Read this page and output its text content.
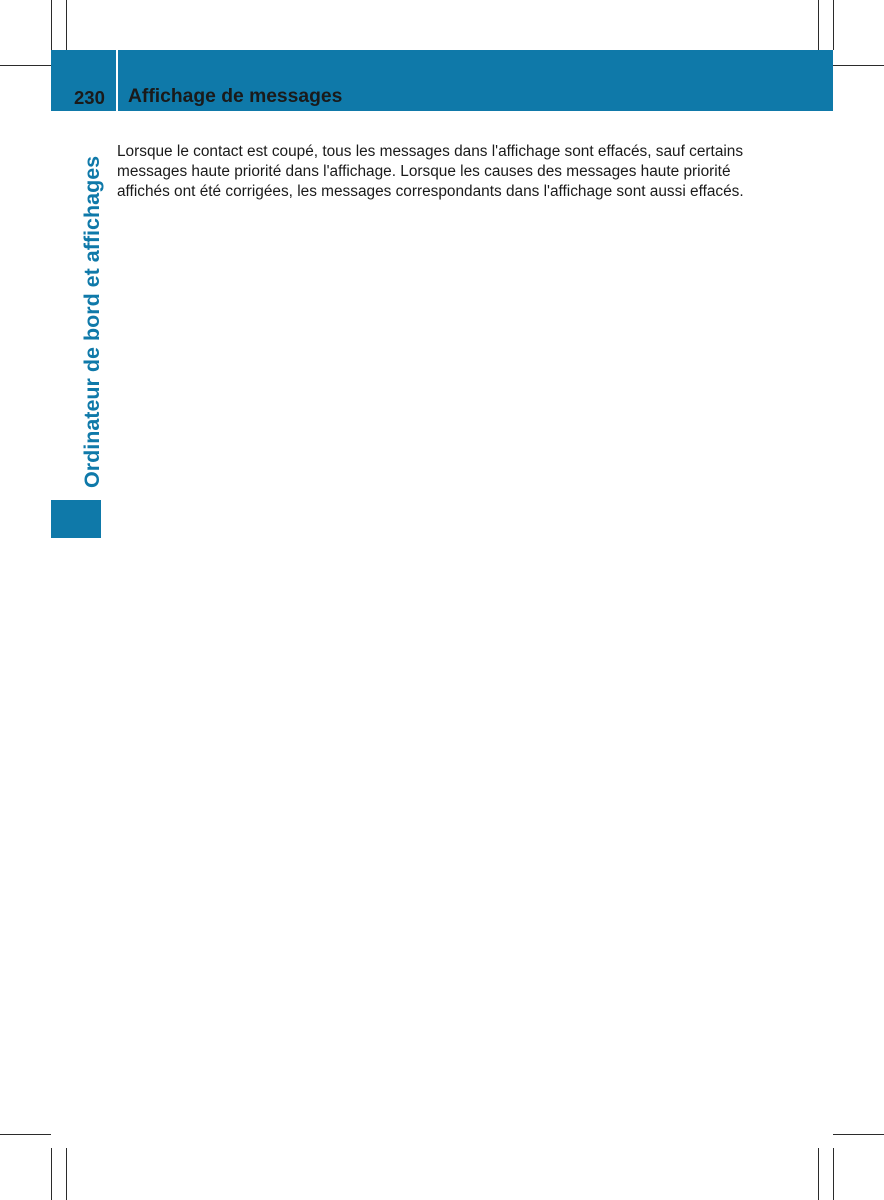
230 Affichage de messages
Ordinateur de bord et affichages
Lorsque le contact est coupé, tous les messages dans l'affichage sont effacés, sauf certains
messages haute priorité dans l'affichage. Lorsque les causes des messages haute priorité
affichés ont été corrigées, les messages correspondants dans l'affichage sont aussi effacés.
